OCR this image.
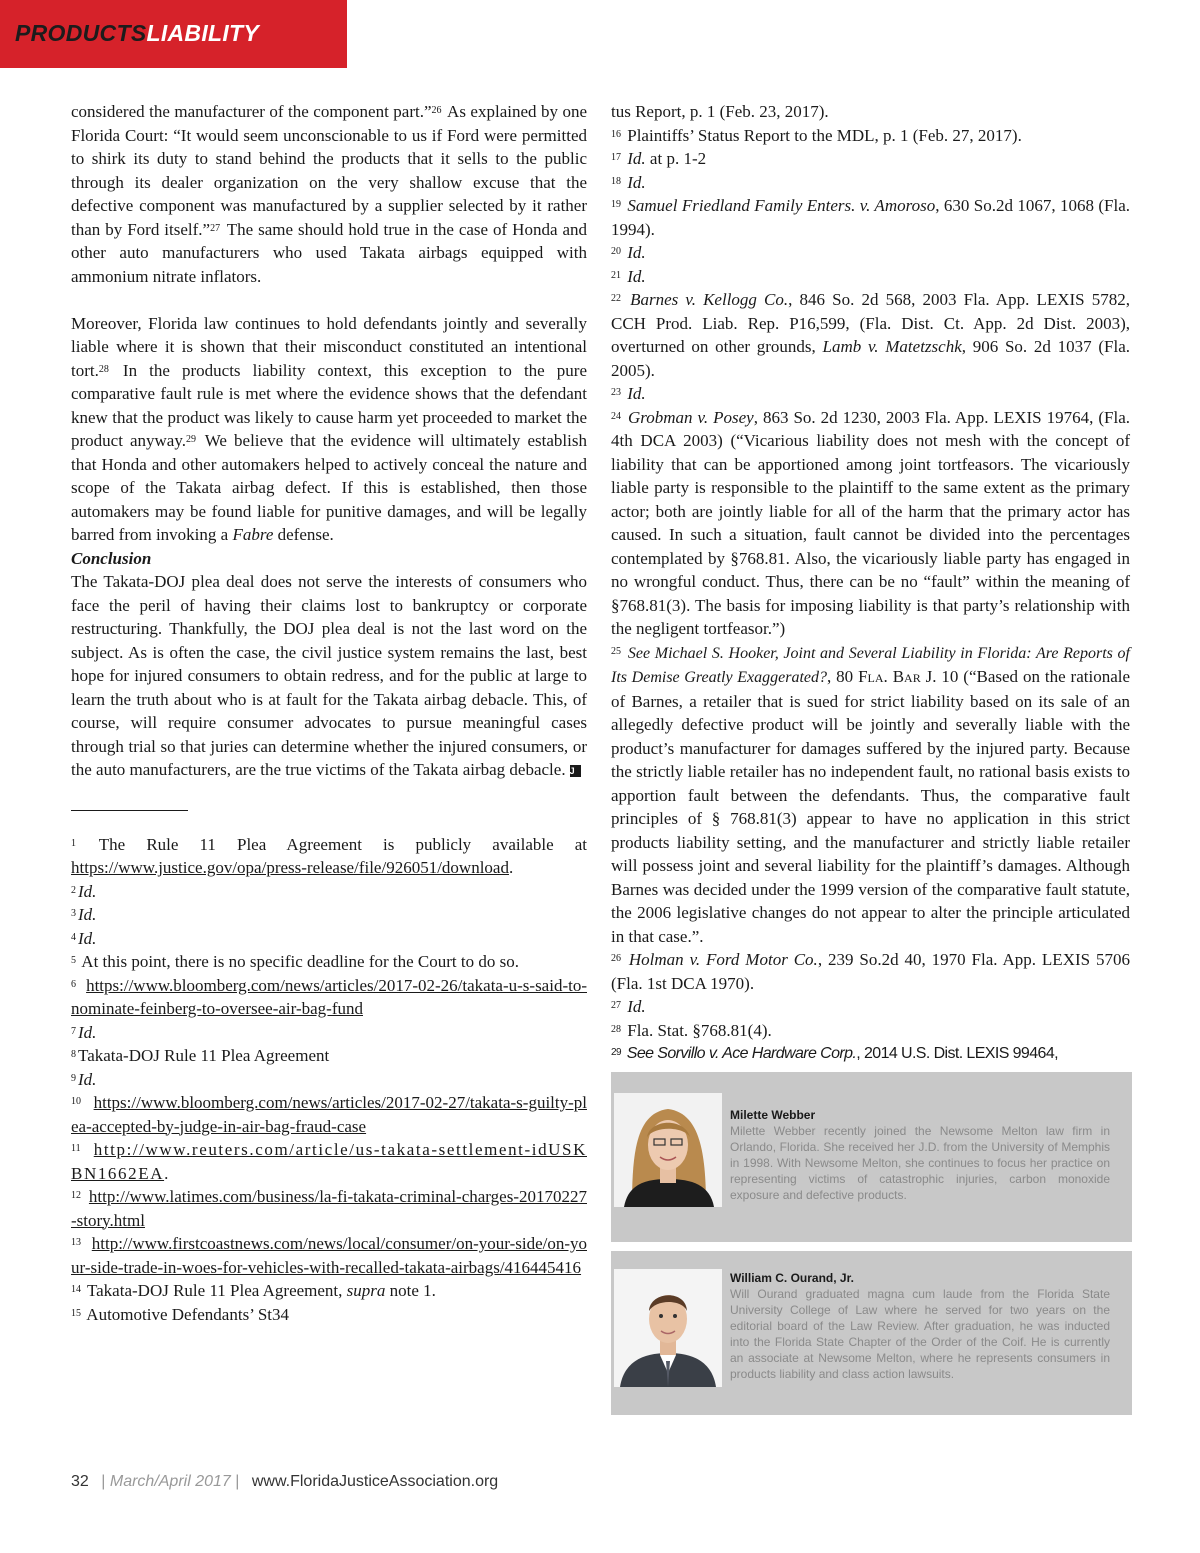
PRODUCTSLIABILITY

considered the manufacturer of the component part.”$^{26}$ As explained by one Florida Court: “It would seem unconscionable to us if Ford were permitted to shirk its duty to stand behind the products that it sells to the public through its dealer organization on the very shallow excuse that the defective component was manufactured by a supplier selected by it rather than by Ford itself.”$^{27}$ The same should hold true in the case of Honda and other auto manufacturers who used Takata airbags equipped with ammonium nitrate inflators.

Moreover, Florida law continues to hold defendants jointly and severally liable where it is shown that their misconduct constituted an intentional tort.$^{28}$ In the products liability context, this exception to the pure comparative fault rule is met where the evidence shows that the defendant knew that the product was likely to cause harm yet proceeded to market the product anyway.$^{29}$ We believe that the evidence will ultimately establish that Honda and other automakers helped to actively conceal the nature and scope of the Takata airbag defect. If this is established, then those automakers may be found liable for punitive damages, and will be legally barred from invoking a Fabre defense.

Conclusion

The Takata-DOJ plea deal does not serve the interests of consumers who face the peril of having their claims lost to bankruptcy or corporate restructuring. Thankfully, the DOJ plea deal is not the last word on the subject. As is often the case, the civil justice system remains the last, best hope for injured consumers to obtain redress, and for the public at large to learn the truth about who is at fault for the Takata airbag debacle. This, of course, will require consumer advocates to pursue meaningful cases through trial so that juries can determine whether the injured consumers, or the auto manufacturers, are the true victims of the Takata airbag debacle. J

$^1$ The Rule 11 Plea Agreement is publicly available at https://www.justice.gov/opa/press-release/file/926051/download.

$^2$ Id.

$^3$ Id.

$^4$ Id.

$^5$ At this point, there is no specific deadline for the Court to do so.

$^6$ https://www.bloomberg.com/news/articles/2017-02-26/takata-u-s-said-to-nominate-feinberg-to-oversee-air-bag-fund

$^7$ Id.

$^8$ Takata-DOJ Rule 11 Plea Agreement

$^9$ Id.

$^{10}$ https://www.bloomberg.com/news/articles/2017-02-27/takata-s-guilty-plea-accepted-by-judge-in-air-bag-fraud-case

$^{11}$ http://www.reuters.com/article/us-takata-settlement-idUSKBN1662EA.

$^{12}$ http://www.latimes.com/business/la-fi-takata-criminal-charges-20170227-story.html

$^{13}$ http://www.firstcoastnews.com/news/local/consumer/on-your-side/on-your-side-trade-in-woes-for-vehicles-with-recalled-takata-airbags/416445416

$^{14}$ Takata-DOJ Rule 11 Plea Agreement, supra note 1.

$^{15}$ Automotive Defendants’ St34

tus Report, p. 1 (Feb. 23, 2017).

$^{16}$ Plaintiffs’ Status Report to the MDL, p. 1 (Feb. 27, 2017).

$^{17}$ Id. at p. 1-2

$^{18}$ Id.

$^{19}$ Samuel Friedland Family Enters. v. Amoroso, 630 So.2d 1067, 1068 (Fla. 1994).

$^{20}$ Id.

$^{21}$ Id.

$^{22}$ Barnes v. Kellogg Co., 846 So. 2d 568, 2003 Fla. App. LEXIS 5782, CCH Prod. Liab. Rep. P16,599, (Fla. Dist. Ct. App. 2d Dist. 2003), overturned on other grounds, Lamb v. Matetzschk, 906 So. 2d 1037 (Fla. 2005).

$^{23}$ Id.

$^{24}$ Grobman v. Posey, 863 So. 2d 1230, 2003 Fla. App. LEXIS 19764, (Fla. 4th DCA 2003) (“Vicarious liability does not mesh with the concept of liability that can be apportioned among joint tortfeasors. The vicariously liable party is responsible to the plaintiff to the same extent as the primary actor; both are jointly liable for all of the harm that the primary actor has caused. In such a situation, fault cannot be divided into the percentages contemplated by §768.81. Also, the vicariously liable party has engaged in no wrongful conduct. Thus, there can be no “fault” within the meaning of §768.81(3). The basis for imposing liability is that party’s relationship with the negligent tortfeasor.”)

$^{25}$ See Michael S. Hooker, Joint and Several Liability in Florida: Are Reports of Its Demise Greatly Exaggerated?, 80 Fla. Bar J. 10 (“Based on the rationale of Barnes, a retailer that is sued for strict liability based on its sale of an allegedly defective product will be jointly and severally liable with the product’s manufacturer for damages suffered by the injured party. Because the strictly liable retailer has no independent fault, no rational basis exists to apportion fault between the defendants. Thus, the comparative fault principles of § 768.81(3) appear to have no application in this strict products liability setting, and the manufacturer and strictly liable retailer will possess joint and several liability for the plaintiff’s damages. Although Barnes was decided under the 1999 version of the comparative fault statute, the 2006 legislative changes do not appear to alter the principle articulated in that case.”.

$^{26}$ Holman v. Ford Motor Co., 239 So.2d 40, 1970 Fla. App. LEXIS 5706 (Fla. 1st DCA 1970).

$^{27}$ Id.

$^{28}$ Fla. Stat. §768.81(4).

$^{29}$ See Sorvillo v. Ace Hardware Corp., 2014 U.S. Dist. LEXIS 99464,

Milette Webber
Milette Webber recently joined the Newsome Melton law firm in Orlando, Florida. She received her J.D. from the University of Memphis in 1998. With Newsome Melton, she continues to focus her practice on representing victims of catastrophic injuries, carbon monoxide exposure and defective products.
William C. Ourand, Jr.
Will Ourand graduated magna cum laude from the Florida State University College of Law where he served for two years on the editorial board of the Law Review. After graduation, he was inducted into the Florida State Chapter of the Order of the Coif. He is currently an associate at Newsome Melton, where he represents consumers in products liability and class action lawsuits.
32 | March/April 2017 | www.FloridaJusticeAssociation.org
